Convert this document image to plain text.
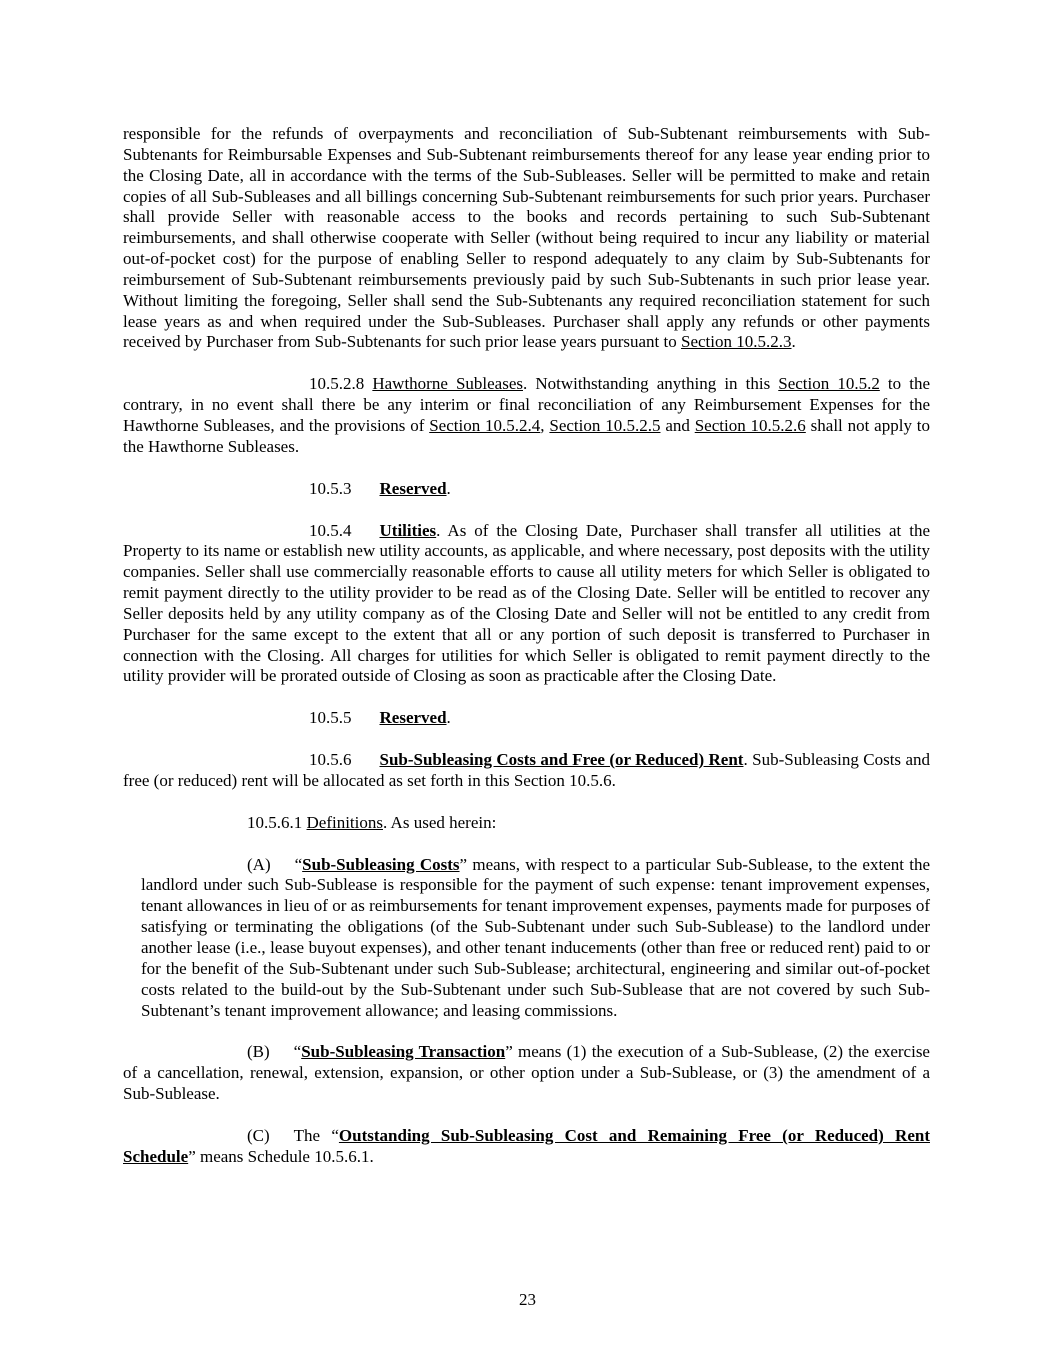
responsible for the refunds of overpayments and reconciliation of Sub-Subtenant reimbursements with Sub-Subtenants for Reimbursable Expenses and Sub-Subtenant reimbursements thereof for any lease year ending prior to the Closing Date, all in accordance with the terms of the Sub-Subleases. Seller will be permitted to make and retain copies of all Sub-Subleases and all billings concerning Sub-Subtenant reimbursements for such prior years. Purchaser shall provide Seller with reasonable access to the books and records pertaining to such Sub-Subtenant reimbursements, and shall otherwise cooperate with Seller (without being required to incur any liability or material out-of-pocket cost) for the purpose of enabling Seller to respond adequately to any claim by Sub-Subtenants for reimbursement of Sub-Subtenant reimbursements previously paid by such Sub-Subtenants in such prior lease year. Without limiting the foregoing, Seller shall send the Sub-Subtenants any required reconciliation statement for such lease years as and when required under the Sub-Subleases. Purchaser shall apply any refunds or other payments received by Purchaser from Sub-Subtenants for such prior lease years pursuant to Section 10.5.2.3.

10.5.2.8 Hawthorne Subleases. Notwithstanding anything in this Section 10.5.2 to the contrary, in no event shall there be any interim or final reconciliation of any Reimbursement Expenses for the Hawthorne Subleases, and the provisions of Section 10.5.2.4, Section 10.5.2.5 and Section 10.5.2.6 shall not apply to the Hawthorne Subleases.

10.5.3 Reserved.

10.5.4 Utilities. As of the Closing Date, Purchaser shall transfer all utilities at the Property to its name or establish new utility accounts, as applicable, and where necessary, post deposits with the utility companies. Seller shall use commercially reasonable efforts to cause all utility meters for which Seller is obligated to remit payment directly to the utility provider to be read as of the Closing Date. Seller will be entitled to recover any Seller deposits held by any utility company as of the Closing Date and Seller will not be entitled to any credit from Purchaser for the same except to the extent that all or any portion of such deposit is transferred to Purchaser in connection with the Closing. All charges for utilities for which Seller is obligated to remit payment directly to the utility provider will be prorated outside of Closing as soon as practicable after the Closing Date.

10.5.5 Reserved.

10.5.6 Sub-Subleasing Costs and Free (or Reduced) Rent. Sub-Subleasing Costs and free (or reduced) rent will be allocated as set forth in this Section 10.5.6.

10.5.6.1 Definitions. As used herein:

(A) “Sub-Subleasing Costs” means, with respect to a particular Sub-Sublease, to the extent the landlord under such Sub-Sublease is responsible for the payment of such expense: tenant improvement expenses, tenant allowances in lieu of or as reimbursements for tenant improvement expenses, payments made for purposes of satisfying or terminating the obligations (of the Sub-Subtenant under such Sub-Sublease) to the landlord under another lease (i.e., lease buyout expenses), and other tenant inducements (other than free or reduced rent) paid to or for the benefit of the Sub-Subtenant under such Sub-Sublease; architectural, engineering and similar out-of-pocket costs related to the build-out by the Sub-Subtenant under such Sub-Sublease that are not covered by such Sub-Subtenant’s tenant improvement allowance; and leasing commissions.

(B) “Sub-Subleasing Transaction” means (1) the execution of a Sub-Sublease, (2) the exercise of a cancellation, renewal, extension, expansion, or other option under a Sub-Sublease, or (3) the amendment of a Sub-Sublease.

(C) The “Outstanding Sub-Subleasing Cost and Remaining Free (or Reduced) Rent Schedule” means Schedule 10.5.6.1.

23
